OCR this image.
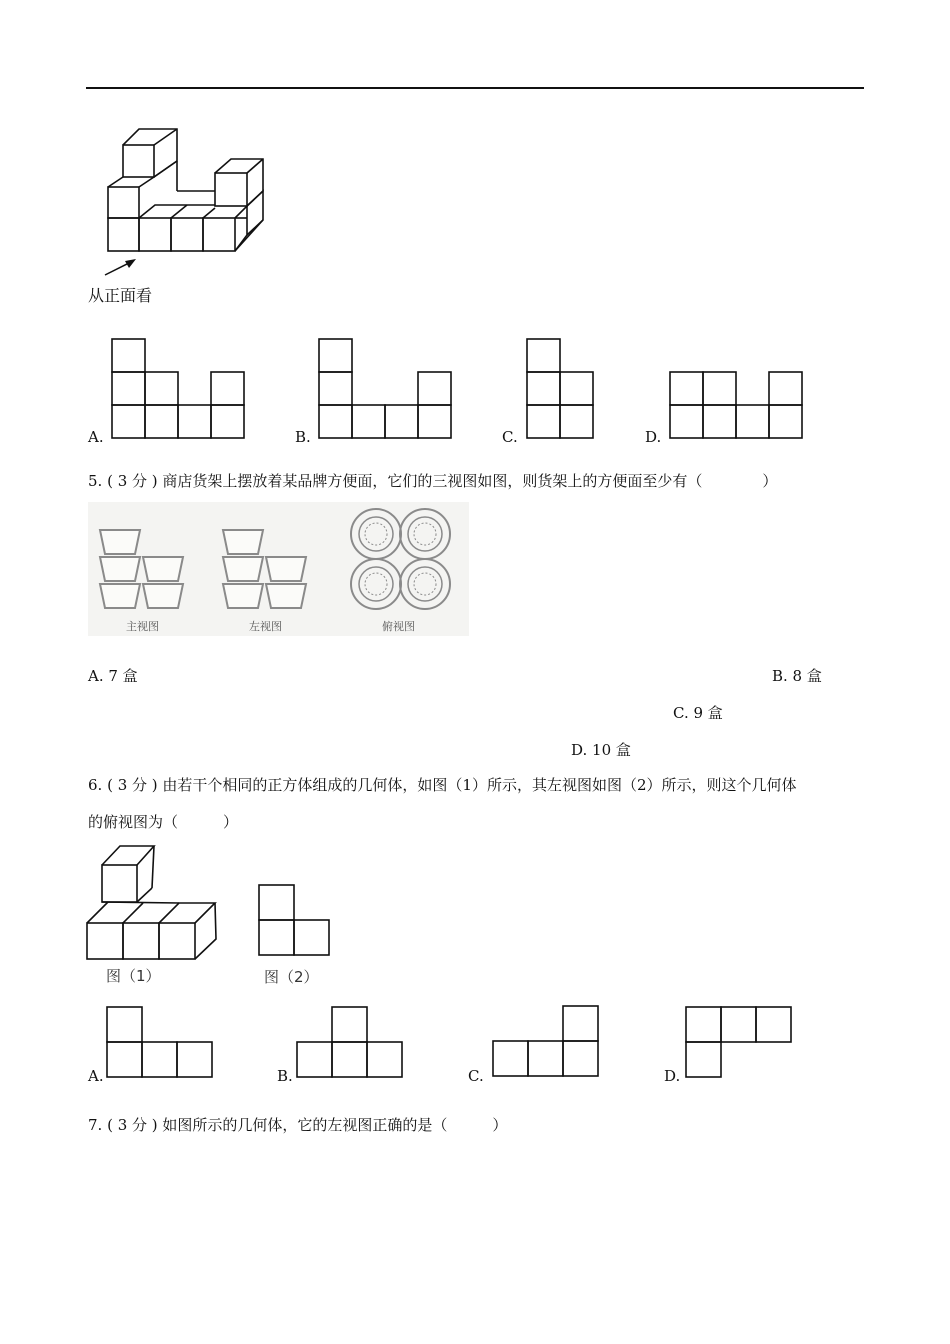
从正面看
A.	B.	C.	D.
5. ( 3 分 ) 商店货架上摆放着某品牌方便面，它们的三视图如图，则货架上的方便面至少有（　　　　）
主视图	左视图	俯视图
A. 7 盒	B. 8 盒
C. 9 盒
D. 10 盒
6. ( 3 分 ) 由若干个相同的正方体组成的几何体，如图（1）所示，其左视图如图（2）所示，则这个几何体
的俯视图为（　　　）
图（1）	图（2）
A.	B.	C.	D.
7. ( 3 分 ) 如图所示的几何体，它的左视图正确的是（　　　）
